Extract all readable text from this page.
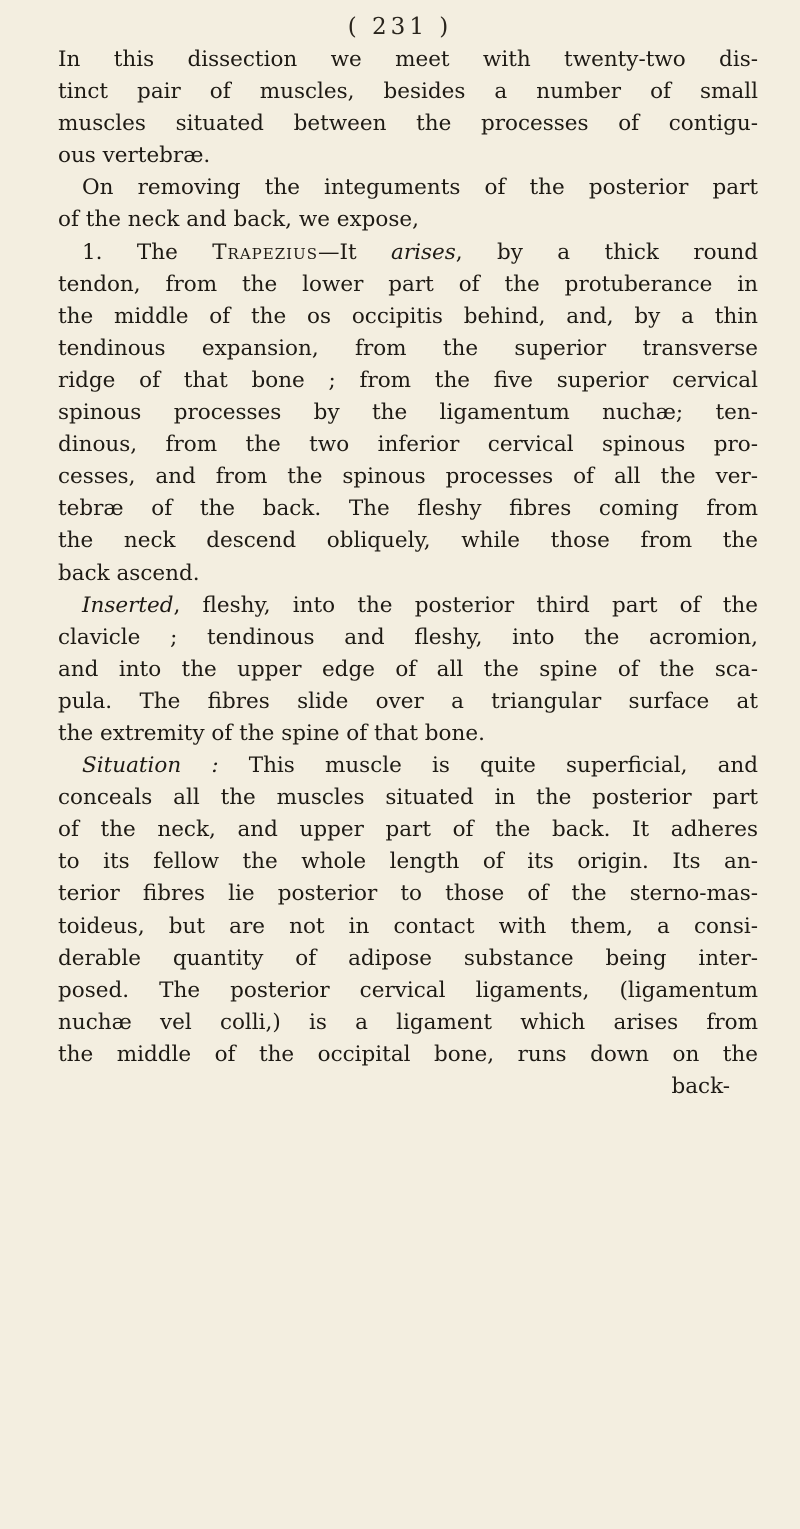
( 231 )
In this dissection we meet with twenty-two dis-
tinct pair of muscles, besides a number of small
muscles situated between the processes of contigu-
ous vertebræ.
On removing the integuments of the posterior part
of the neck and back, we expose,
1. The Trapezius—It arises, by a thick round
tendon, from the lower part of the protuberance in
the middle of the os occipitis behind, and, by a thin
tendinous expansion, from the superior transverse
ridge of that bone ; from the five superior cervical
spinous processes by the ligamentum nuchæ; ten-
dinous, from the two inferior cervical spinous pro-
cesses, and from the spinous processes of all the ver-
tebræ of the back. The fleshy fibres coming from
the neck descend obliquely, while those from the
back ascend.
Inserted, fleshy, into the posterior third part of the
clavicle ; tendinous and fleshy, into the acromion,
and into the upper edge of all the spine of the sca-
pula. The fibres slide over a triangular surface at
the extremity of the spine of that bone.
Situation : This muscle is quite superficial, and
conceals all the muscles situated in the posterior part
of the neck, and upper part of the back. It adheres
to its fellow the whole length of its origin. Its an-
terior fibres lie posterior to those of the sterno-mas-
toideus, but are not in contact with them, a consi-
derable quantity of adipose substance being inter-
posed. The posterior cervical ligaments, (ligamentum
nuchæ vel colli,) is a ligament which arises from
the middle of the occipital bone, runs down on the
back-
